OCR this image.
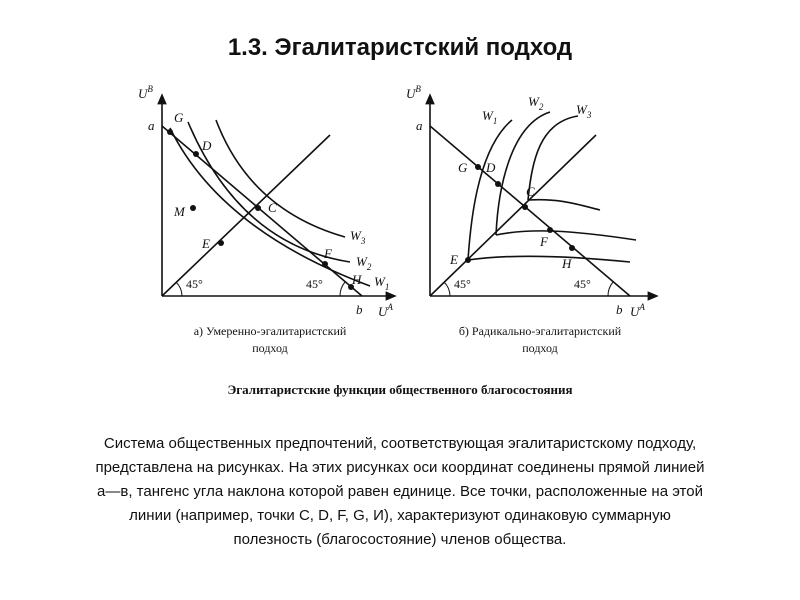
1.3. Эгалитаристский подход
$U^B$
$U^A$
a
b
G
D
M	C
E
F
H
$W_3$
$W_2$
$W_1$
45°	45°
а) Умеренно-эгалитаристский
подход
$U^B$
$U^A$
a
b
G D
C
E
F
H
$W_1$
$W_2$	$W_3$
45°	45°
б) Радикально-эгалитаристский
подход
Эгалитаристские функции общественного благосостояния
Система общественных предпочтений, соответствующая эгалитаристскому подходу,
представлена на рисунках. На этих рисунках оси координат соединены прямой линией
а—в, тангенс угла наклона которой равен единице. Все точки, расположенные на этой
линии (например, точки C, D, F, G, И), характеризуют одинаковую суммарную
полезность (благосостояние) членов общества.
